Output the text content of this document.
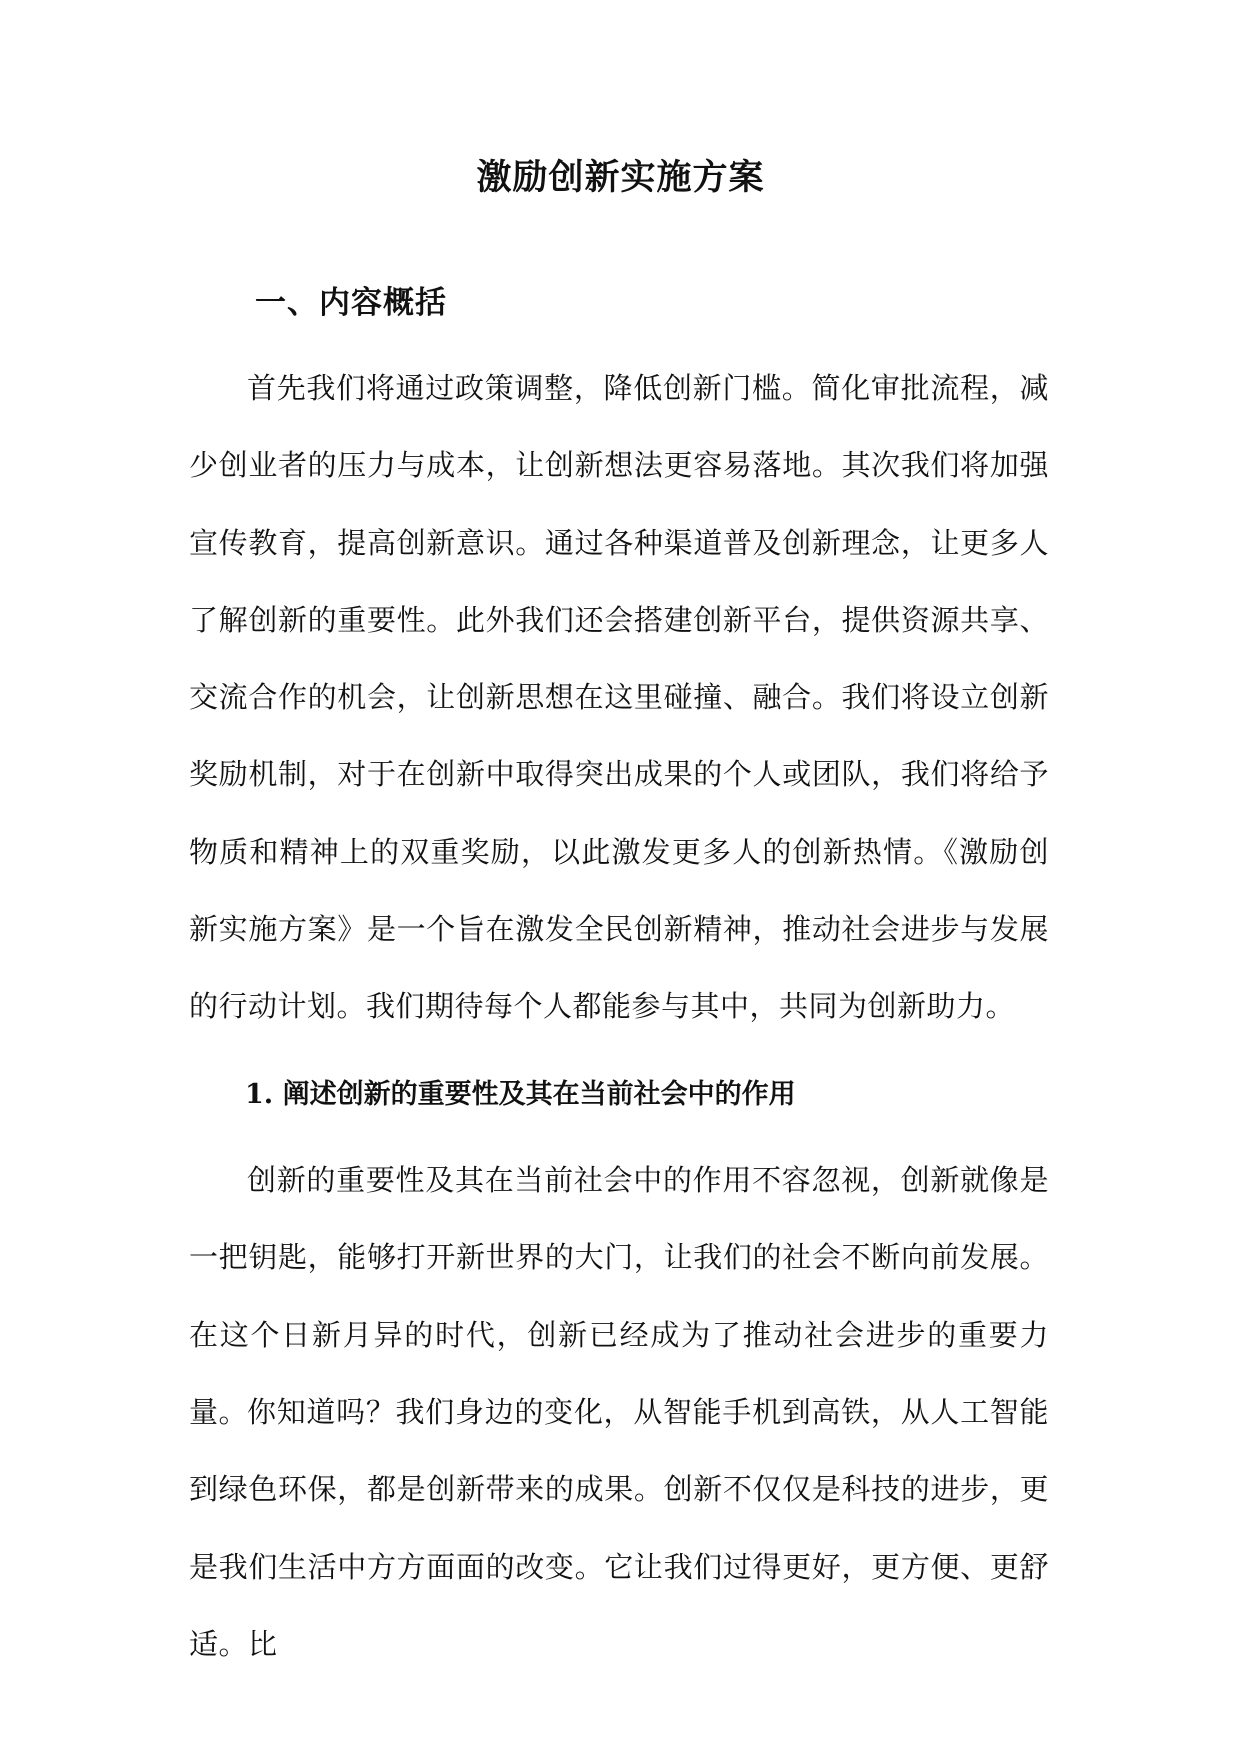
激励创新实施方案
一、内容概括

首先我们将通过政策调整，降低创新门槛。简化审批流程，减少创业者的压力与成本，让创新想法更容易落地。其次我们将加强宣传教育，提高创新意识。通过各种渠道普及创新理念，让更多人了解创新的重要性。此外我们还会搭建创新平台，提供资源共享、交流合作的机会，让创新思想在这里碰撞、融合。我们将设立创新奖励机制，对于在创新中取得突出成果的个人或团队，我们将给予物质和精神上的双重奖励，以此激发更多人的创新热情。《激励创新实施方案》是一个旨在激发全民创新精神，推动社会进步与发展的行动计划。我们期待每个人都能参与其中，共同为创新助力。

1. 阐述创新的重要性及其在当前社会中的作用

创新的重要性及其在当前社会中的作用不容忽视，创新就像是一把钥匙，能够打开新世界的大门，让我们的社会不断向前发展。在这个日新月异的时代，创新已经成为了推动社会进步的重要力量。

你知道吗？我们身边的变化，从智能手机到高铁，从人工智能到绿色环保，都是创新带来的成果。创新不仅仅是科技的进步，更是我们生活中方方面面的改变。它让我们过得更好，更方便、更舒适。比
